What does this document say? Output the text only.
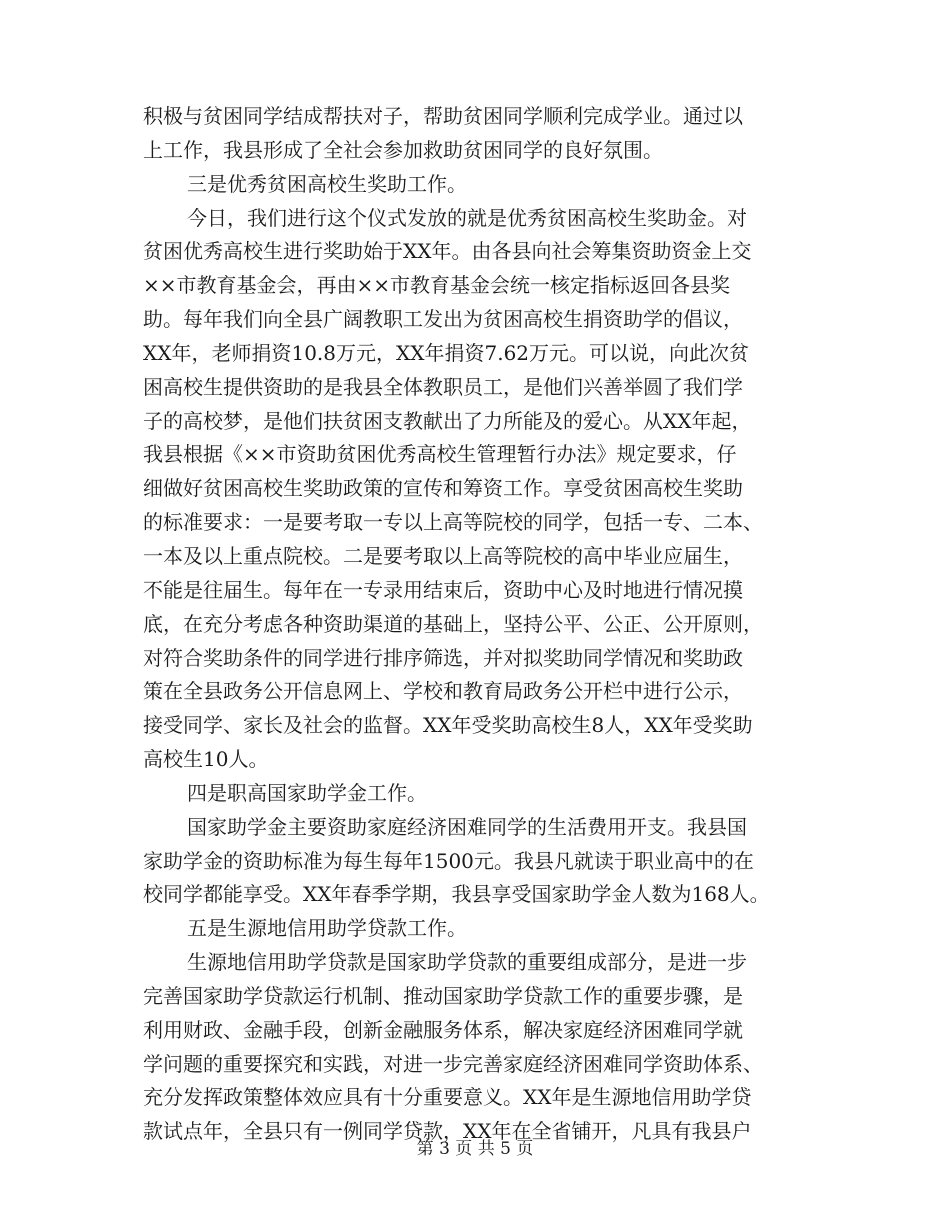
积极与贫困同学结成帮扶对子，帮助贫困同学顺利完成学业。通过以
上工作，我县形成了全社会参加救助贫困同学的良好氛围。
三是优秀贫困高校生奖助工作。
今日，我们进行这个仪式发放的就是优秀贫困高校生奖助金。对
贫困优秀高校生进行奖助始于XX年。由各县向社会筹集资助资金上交
××市教育基金会，再由××市教育基金会统一核定指标返回各县奖
助。每年我们向全县广阔教职工发出为贫困高校生捐资助学的倡议，
XX年，老师捐资10.8万元，XX年捐资7.62万元。可以说，向此次贫
困高校生提供资助的是我县全体教职员工，是他们兴善举圆了我们学
子的高校梦，是他们扶贫困支教献出了力所能及的爱心。从XX年起，
我县根据《××市资助贫困优秀高校生管理暂行办法》规定要求，仔
细做好贫困高校生奖助政策的宣传和筹资工作。享受贫困高校生奖助
的标准要求：一是要考取一专以上高等院校的同学，包括一专、二本、
一本及以上重点院校。二是要考取以上高等院校的高中毕业应届生，
不能是往届生。每年在一专录用结束后，资助中心及时地进行情况摸
底，在充分考虑各种资助渠道的基础上，坚持公平、公正、公开原则，
对符合奖助条件的同学进行排序筛选，并对拟奖助同学情况和奖助政
策在全县政务公开信息网上、学校和教育局政务公开栏中进行公示，
接受同学、家长及社会的监督。XX年受奖助高校生8人，XX年受奖助
高校生10人。
四是职高国家助学金工作。
国家助学金主要资助家庭经济困难同学的生活费用开支。我县国
家助学金的资助标准为每生每年1500元。我县凡就读于职业高中的在
校同学都能享受。XX年春季学期，我县享受国家助学金人数为168人。
五是生源地信用助学贷款工作。
生源地信用助学贷款是国家助学贷款的重要组成部分，是进一步
完善国家助学贷款运行机制、推动国家助学贷款工作的重要步骤，是
利用财政、金融手段，创新金融服务体系，解决家庭经济困难同学就
学问题的重要探究和实践，对进一步完善家庭经济困难同学资助体系、
充分发挥政策整体效应具有十分重要意义。XX年是生源地信用助学贷
款试点年，全县只有一例同学贷款，XX年在全省铺开，凡具有我县户
第 3 页 共 5 页
